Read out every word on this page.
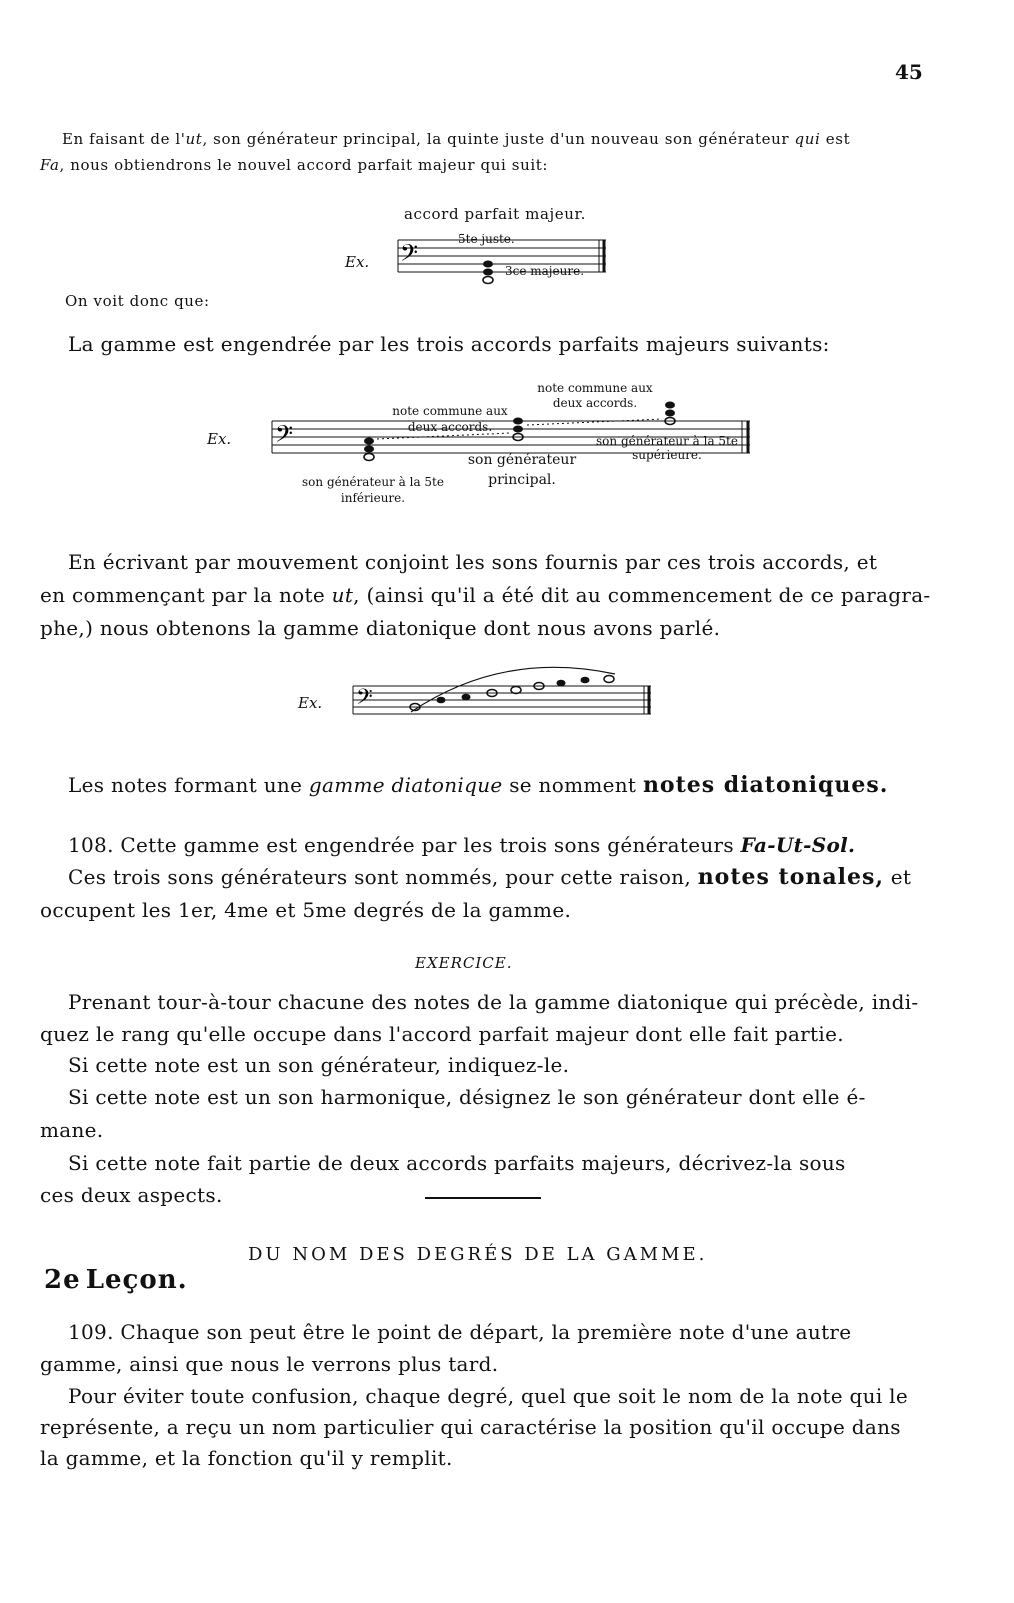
45
En faisant de l'ut, son générateur principal, la quinte juste d'un nouveau son générateur qui est
Fa, nous obtiendrons le nouvel accord parfait majeur qui suit:
accord parfait majeur.
Ex. 𝄢	5te juste.
3ce majeure.
On voit donc que:
La gamme est engendrée par les trois accords parfaits majeurs suivants:
Ex.
note commune aux deux accords.
note commune aux deux accords.
𝄢
son générateur principal.
son générateur à la 5te supérieure.
son générateur à la 5te inférieure.
En écrivant par mouvement conjoint les sons fournis par ces trois accords, et
en commençant par la note ut, (ainsi qu'il a été dit au commencement de ce paragra-
phe,) nous obtenons la gamme diatonique dont nous avons parlé.
Ex. 𝄢
Les notes formant une gamme diatonique se nomment notes diatoniques.
108. Cette gamme est engendrée par les trois sons générateurs Fa-Ut-Sol.
Ces trois sons générateurs sont nommés, pour cette raison, notes tonales, et
occupent les 1er, 4me et 5me degrés de la gamme.
EXERCICE.
Prenant tour-à-tour chacune des notes de la gamme diatonique qui précède, indi-
quez le rang qu'elle occupe dans l'accord parfait majeur dont elle fait partie.
Si cette note est un son générateur, indiquez-le.
Si cette note est un son harmonique, désignez le son générateur dont elle é-
mane.
Si cette note fait partie de deux accords parfaits majeurs, décrivez-la sous
ces deux aspects.
DU NOM DES DEGRÉS DE LA GAMME.
2e Leçon.
109. Chaque son peut être le point de départ, la première note d'une autre
gamme, ainsi que nous le verrons plus tard.
Pour éviter toute confusion, chaque degré, quel que soit le nom de la note qui le
représente, a reçu un nom particulier qui caractérise la position qu'il occupe dans
la gamme, et la fonction qu'il y remplit.
